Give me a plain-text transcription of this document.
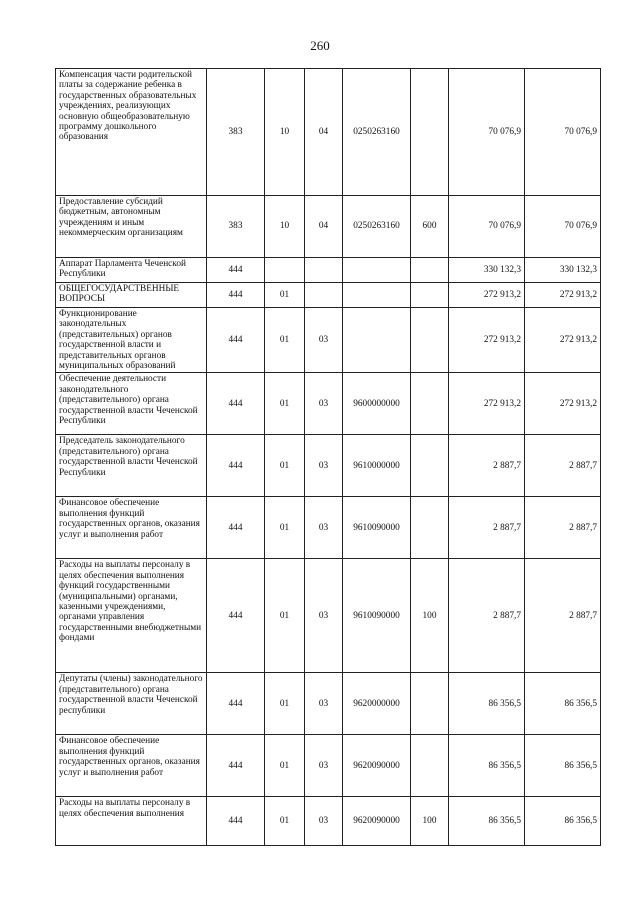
260
Компенсация части родительской платы за содержание ребенка в государственных образовательных учреждениях, реализующих основную общеобразовательную программу дошкольного образования	383	10	04	0250263160		70 076,9	70 076,9
Предоставление субсидий бюджетным, автономным учреждениям и иным некоммерческим организациям	383	10	04	0250263160	600	70 076,9	70 076,9
Аппарат Парламента Чеченской Республики	444					330 132,3	330 132,3
ОБЩЕГОСУДАРСТВЕННЫЕ ВОПРОСЫ	444	01				272 913,2	272 913,2
Функционирование законодательных (представительных) органов государственной власти и представительных органов муниципальных образований	444	01	03			272 913,2	272 913,2
Обеспечение деятельности законодательного (представительного) органа государственной власти Чеченской Республики	444	01	03	9600000000		272 913,2	272 913,2
Председатель законодательного (представительного) органа государственной власти Чеченской Республики	444	01	03	9610000000		2 887,7	2 887,7
Финансовое обеспечение выполнения функций государственных органов, оказания услуг и выполнения работ	444	01	03	9610090000		2 887,7	2 887,7
Расходы на выплаты персоналу в целях обеспечения выполнения функций государственными (муниципальными) органами, казенными учреждениями, органами управления государственными внебюджетными фондами	444	01	03	9610090000	100	2 887,7	2 887,7
Депутаты (члены) законодательного (представительного) органа государственной власти Чеченской республики	444	01	03	9620000000		86 356,5	86 356,5
Финансовое обеспечение выполнения функций государственных органов, оказания услуг и выполнения работ	444	01	03	9620090000		86 356,5	86 356,5
Расходы на выплаты персоналу в целях обеспечения выполнения	444	01	03	9620090000	100	86 356,5	86 356,5
